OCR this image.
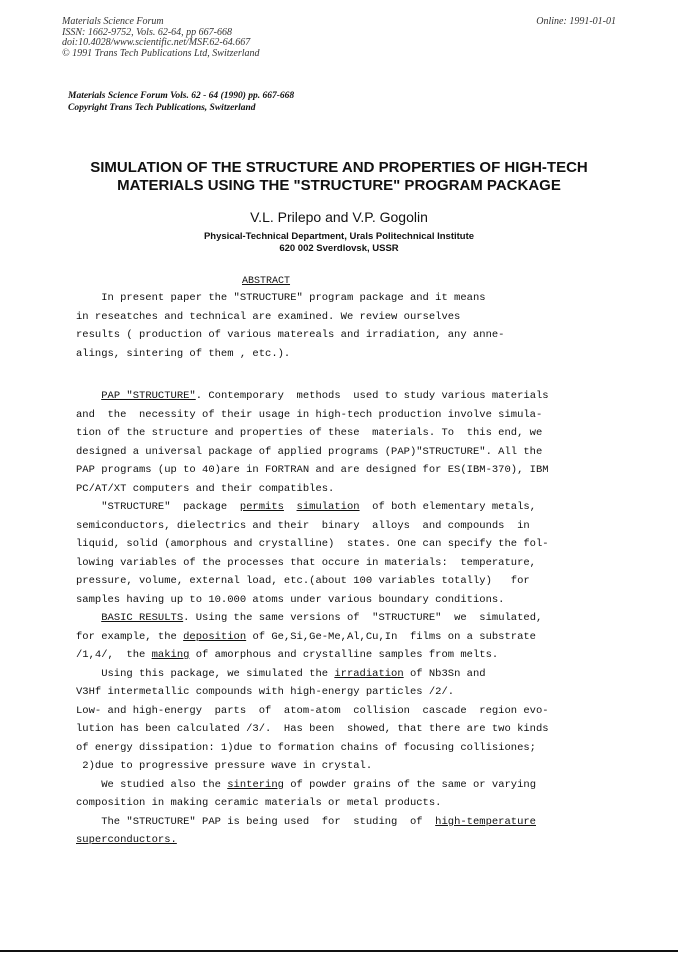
Materials Science Forum
ISSN: 1662-9752, Vols. 62-64, pp 667-668
doi:10.4028/www.scientific.net/MSF.62-64.667
© 1991 Trans Tech Publications Ltd, Switzerland
Online: 1991-01-01
Materials Science Forum Vols. 62 - 64 (1990) pp. 667-668
Copyright Trans Tech Publications, Switzerland
SIMULATION OF THE STRUCTURE AND PROPERTIES OF HIGH-TECH
MATERIALS USING THE "STRUCTURE" PROGRAM PACKAGE
V.L. Prilepo and V.P. Gogolin
Physical-Technical Department, Urals Politechnical Institute
620 002 Sverdlovsk, USSR
ABSTRACT
In present paper the "STRUCTURE" program package and it means
in reseatches and technical are examined. We review ourselves
results ( production of various matereals and irradiation, any anne-
alings, sintering of them , etc.).
PAP "STRUCTURE". Contemporary  methods  used to study various materials
and  the  necessity of their usage in high-tech production involve simula-
tion of the structure and properties of these  materials. To  this end, we
designed a universal package of applied programs (PAP)"STRUCTURE". All the
PAP programs (up to 40)are in FORTRAN and are designed for ES(IBM-370), IBM
PC/AT/XT computers and their compatibles.
"STRUCTURE"  package  permits simulation  of both elementary metals,
semiconductors, dielectrics and their  binary  alloys  and compounds  in
liquid, solid (amorphous and crystalline)  states. One can specify the fol-
lowing variables of the processes that occure in materials:  temperature,
pressure, volume, external load, etc.(about 100 variables totally)   for
samples having up to 10.000 atoms under various boundary conditions.
BASIC RESULTS. Using the same versions of  "STRUCTURE"  we  simulated,
for example, the deposition of Ge,Si,Ge-Me,Al,Cu,In  films on a substrate
/1,4/,  the making of amorphous and crystalline samples from melts.
Using this package, we simulated the irradiation of Nb3Sn and
V3Hf intermetallic compounds with high-energy particles /2/.
Low- and high-energy  parts  of  atom-atom  collision  cascade  region evo-
lution has been calculated /3/.  Has been  showed, that there are two kinds
of energy dissipation: 1)due to formation chains of focusing collisiones;
2)due to progressive pressure wave in crystal.
We studied also the sintering of powder grains of the same or varying
composition in making ceramic materials or metal products.
The "STRUCTURE" PAP is being used  for  studing  of  high-temperature
superconductors.
